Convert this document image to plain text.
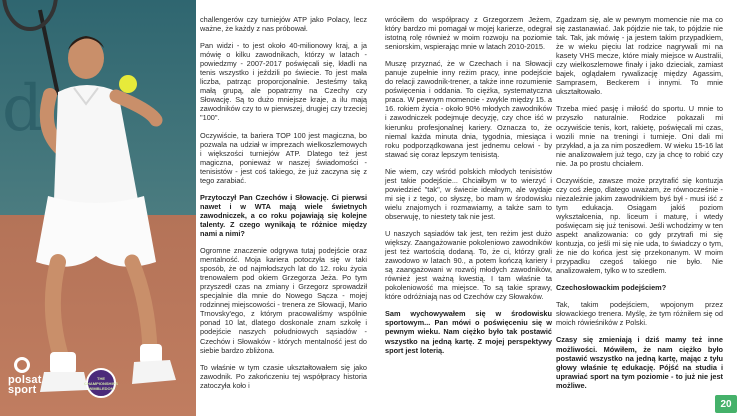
d
polsat
sport
THE CHAMPIONSHIPS WIMBLEDON

challengerów czy turniejów ATP jako Polacy, lecz ważne, że każdy z nas próbował.

Pan widzi - to jest około 40-milionowy kraj, a ja mówię o kilku zawodnikach, którzy w latach - powiedzmy - 2007-2017 poświęcali się, kładli na tenis wszystko i jeździli po świecie. To jest mała liczba, patrząc proporcjonalnie. Jesteśmy taką małą grupą, ale popatrzmy na Czechy czy Słowację. Są to dużo mniejsze kraje, a ilu mają zawodników czy to w pierwszej, drugiej czy trzeciej "100".

Oczywiście, ta bariera TOP 100 jest magiczna, bo pozwala na udział w imprezach wielkoszlemowych i większości turniejów ATP. Dlatego też jest magiczna, ponieważ w naszej świadomości - tenisistów - jest coś takiego, że już zaczyna się z tego zarabiać.

Przytoczył Pan Czechów i Słowację. Ci pierwsi nawet i w WTA mają wiele świetnych zawodniczek, a co roku pojawiają się kolejne talenty. Z czego wynikają te różnice między nami a nimi?

Ogromne znaczenie odgrywa tutaj podejście oraz mentalność. Moja kariera potoczyła się w taki sposób, że od najmłodszych lat do 12. roku życia trenowałem pod okiem Grzegorza Jeża. Po tym przyszedł czas na zmiany i Grzegorz sprowadził specjalnie dla mnie do Nowego Sącza - mojej rodzinnej miejscowości - trenera ze Słowacji, Mario Trnovsky'ego, z którym pracowaliśmy wspólnie ponad 10 lat, dlatego doskonale znam szkołę i podejście naszych południowych sąsiadów - Czechów i Słowaków - których mentalność jest do siebie bardzo zbliżona.

To właśnie w tym czasie ukształtowałem się jako zawodnik. Po zakończeniu tej współpracy historia zatoczyła koło i

wróciłem do współpracy z Grzegorzem Jeżem, który bardzo mi pomagał w mojej karierze, odegrał istotną rolę również w moim rozwoju na poziomie seniorskim, wspierając mnie w latach 2010-2015.

Muszę przyznać, że w Czechach i na Słowacji panuje zupełnie inny reżim pracy, inne podejście do relacji zawodnik-trener, a także inne rozumienie poświęcenia i oddania. To ciężka, systematyczna praca. W pewnym momencie - zwykle między 15. a 16. rokiem życia - około 90% młodych zawodników i zawodniczek podejmuje decyzję, czy chce iść w kierunku profesjonalnej kariery. Oznacza to, że niemal każda minuta dnia, tygodnia, miesiąca i roku podporządkowana jest jednemu celowi - by stawać się coraz lepszym tenisistą.

Nie wiem, czy wśród polskich młodych tenisistów jest takie podejście... Chciałbym w to wierzyć i powiedzieć "tak", w świecie idealnym, ale wydaje mi się i z tego, co słyszę, bo mam w środowisku wielu znajomych i rozmawiamy, a także sam to obserwuję, to niestety tak nie jest.

U naszych sąsiadów tak jest, ten reżim jest dużo większy. Zaangażowanie pokoleniowo zawodników jest też wartością dodaną. To, że ci, którzy grali zawodowo w latach 90., a potem kończą kariery i są zaangażowani w rozwój młodych zawodników, również jest ważną kwestią. I tam właśnie ta pokoleniowość ma miejsce. To są takie sprawy, które odróżniają nas od Czechów czy Słowaków.

Sam wychowywałem się w środowisku sportowym... Pan mówi o poświęceniu się w pewnym wieku. Nam ciężko było tak postawić wszystko na jedną kartę. Z mojej perspektywy sport jest loterią.

Zgadzam się, ale w pewnym momencie nie ma co się zastanawiać. Jak pójdzie nie tak, to pójdzie nie tak. Tak, jak mówię - ja jestem takim przypadkiem, że w wieku pięciu lat rodzice nagrywali mi na kasety VHS mecze, które miały miejsce w Australii, czy wielkoszlemowe finały i jako dzieciak, zamiast bajek, oglądałem rywalizację między Agassim, Samprasem, Beckerem i innymi. To mnie ukształtowało.

Trzeba mieć pasję i miłość do sportu. U mnie to przyszło naturalnie. Rodzice pokazali mi oczywiście tenis, kort, rakietę, poświęcali mi czas, wozili mnie na treningi i turnieje. Oni dali mi przykład, a ja za nim poszedłem. W wieku 15-16 lat nie analizowałem już tego, czy ja chcę to robić czy nie. Ja po prostu chciałem.

Oczywiście, zawsze może przytrafić się kontuzja czy coś złego, dlatego uważam, że równocześnie - niezależnie jakim zawodnikiem byś był - musi iść z tym edukacja. Osiągam jakiś poziom wykształcenia, np. liceum i maturę, i wtedy poświęcam się już tenisowi. Jeśli wchodzimy w ten aspekt analizowania: co gdy przytrafi mi się kontuzja, co jeśli mi się nie uda, to świadczy o tym, że nie do końca jest się przekonanym. W moim przypadku czegoś takiego nie było. Nie analizowałem, tylko w to szedłem.

Czechosłowackim podejściem?

Tak, takim podejściem, wpojonym przez słowackiego trenera. Myślę, że tym różniłem się od moich rówieśników z Polski.

Czasy się zmieniają i dziś mamy też inne możliwości. Mówiłem, że nam ciężko było postawić wszystko na jedną kartę, mając z tyłu głowy właśnie tę edukację. Pójść na studia i uprawiać sport na tym poziomie - to już nie jest możliwe.

20
